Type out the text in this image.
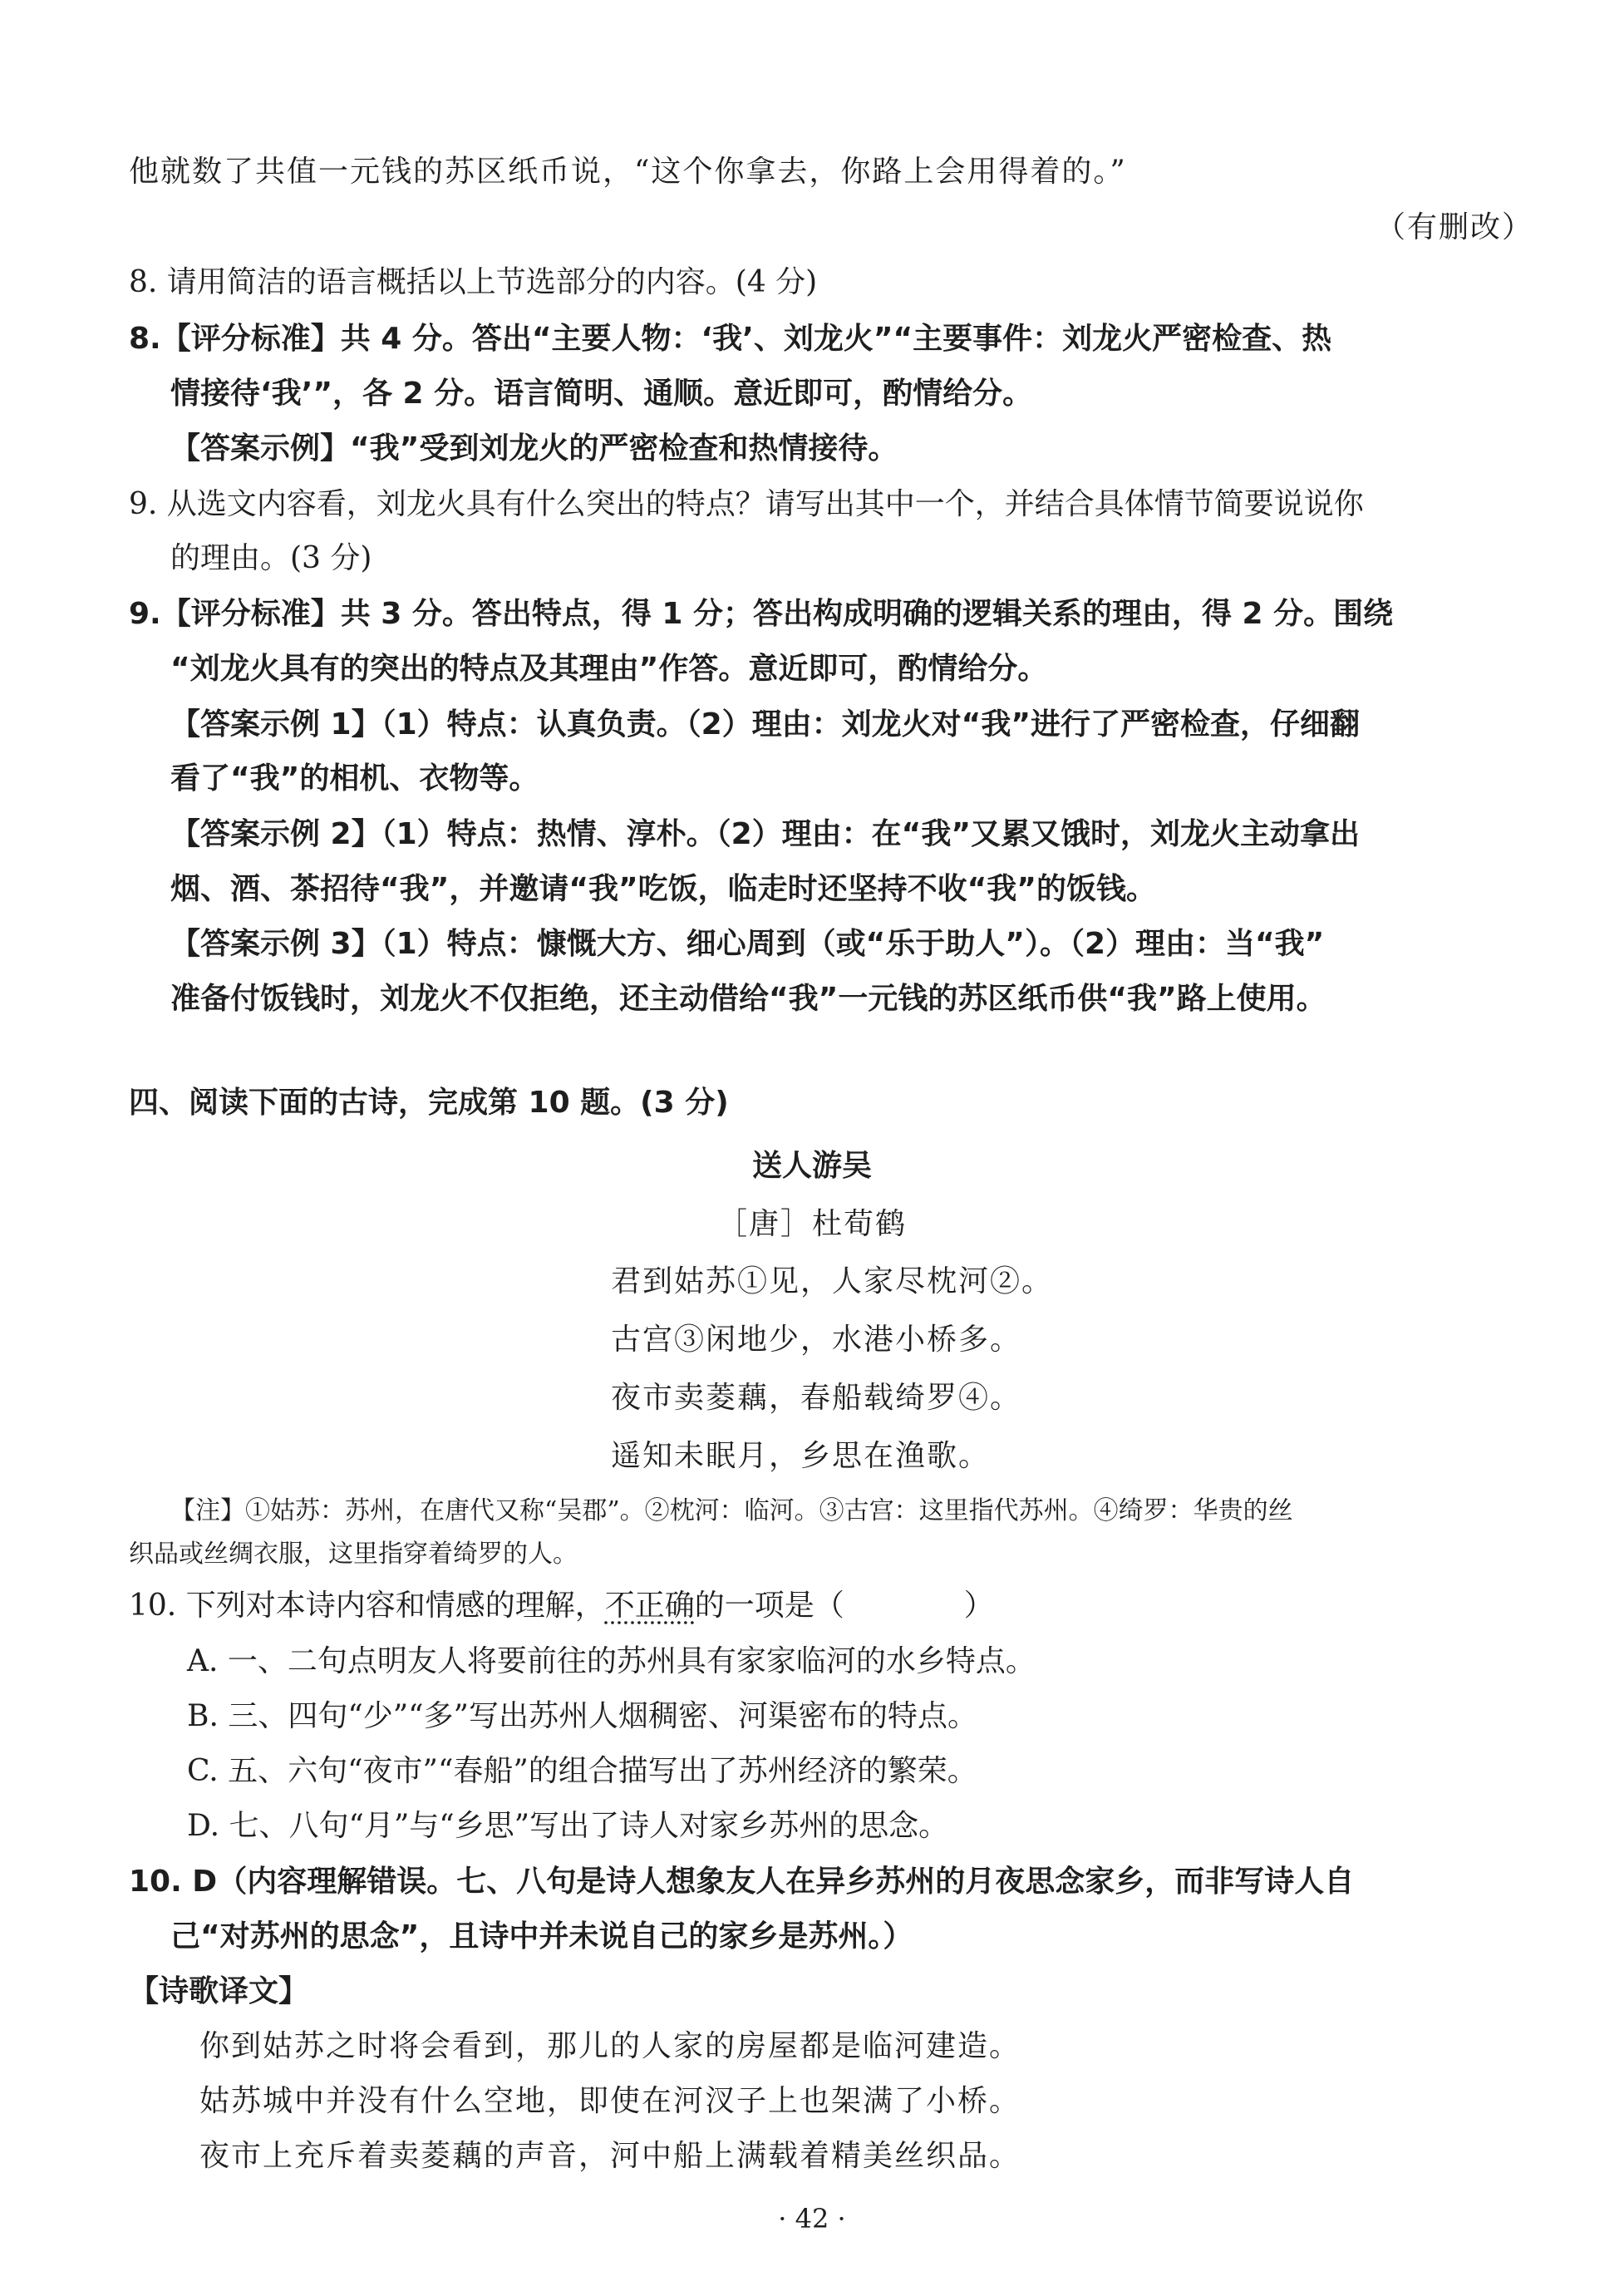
他就数了共值一元钱的苏区纸币说，“这个你拿去，你路上会用得着的。”
（有删改）
8. 请用简洁的语言概括以上节选部分的内容。(4 分)
8.【评分标准】共 4 分。答出“主要人物：‘我’、刘龙火”“主要事件：刘龙火严密检查、热
情接待‘我’”，各 2 分。语言简明、通顺。意近即可，酌情给分。
【答案示例】“我”受到刘龙火的严密检查和热情接待。
9. 从选文内容看，刘龙火具有什么突出的特点？请写出其中一个，并结合具体情节简要说说你
的理由。(3 分)
9.【评分标准】共 3 分。答出特点，得 1 分；答出构成明确的逻辑关系的理由，得 2 分。围绕
“刘龙火具有的突出的特点及其理由”作答。意近即可，酌情给分。
【答案示例 1】（1）特点：认真负责。（2）理由：刘龙火对“我”进行了严密检查，仔细翻
看了“我”的相机、衣物等。
【答案示例 2】（1）特点：热情、淳朴。（2）理由：在“我”又累又饿时，刘龙火主动拿出
烟、酒、茶招待“我”，并邀请“我”吃饭，临走时还坚持不收“我”的饭钱。
【答案示例 3】（1）特点：慷慨大方、细心周到（或“乐于助人”）。（2）理由：当“我”
准备付饭钱时，刘龙火不仅拒绝，还主动借给“我”一元钱的苏区纸币供“我”路上使用。
四、阅读下面的古诗，完成第 10 题。(3 分)
送人游吴
［唐］杜荀鹤
君到姑苏①见，人家尽枕河②。
古宫③闲地少，水港小桥多。
夜市卖菱藕，春船载绮罗④。
遥知未眠月，乡思在渔歌。
【注】①姑苏：苏州，在唐代又称“吴郡”。②枕河：临河。③古宫：这里指代苏州。④绮罗：华贵的丝
织品或丝绸衣服，这里指穿着绮罗的人。
10. 下列对本诗内容和情感的理解，不正确的一项是（　　　　）
A. 一、二句点明友人将要前往的苏州具有家家临河的水乡特点。
B. 三、四句“少”“多”写出苏州人烟稠密、河渠密布的特点。
C. 五、六句“夜市”“春船”的组合描写出了苏州经济的繁荣。
D. 七、八句“月”与“乡思”写出了诗人对家乡苏州的思念。
10. D（内容理解错误。七、八句是诗人想象友人在异乡苏州的月夜思念家乡，而非写诗人自
己“对苏州的思念”，且诗中并未说自己的家乡是苏州。）
【诗歌译文】
你到姑苏之时将会看到，那儿的人家的房屋都是临河建造。
姑苏城中并没有什么空地，即使在河汊子上也架满了小桥。
夜市上充斥着卖菱藕的声音，河中船上满载着精美丝织品。
· 42 ·
